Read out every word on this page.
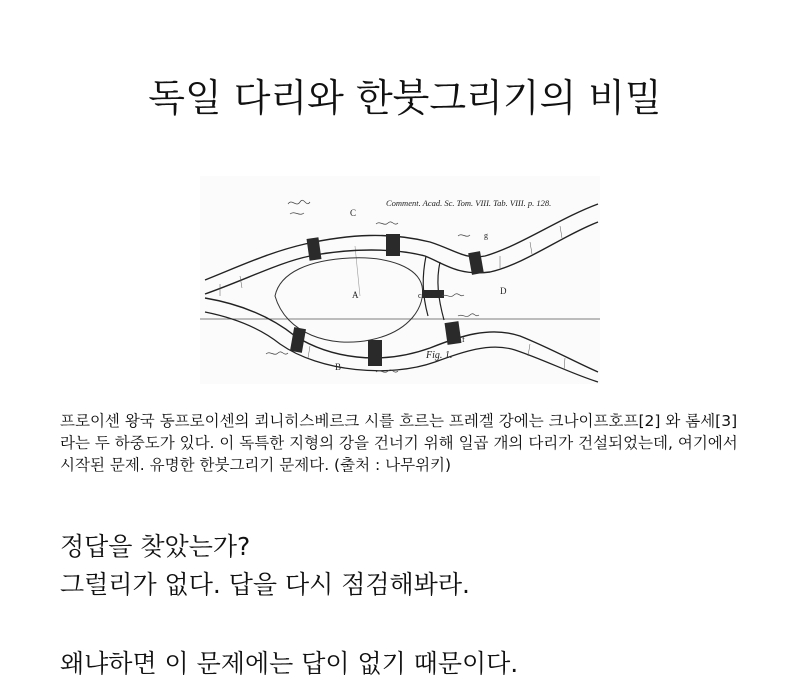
독일 다리와 한붓그리기의 비밀
A
B
C
D
c
f
g
Fig. 1.
Comment. Acad. Sc. Tom. VIII. Tab. VIII. p. 128.
프로이센 왕국 동프로이센의 쾨니히스베르크 시를 흐르는 프레겔 강에는 크나이프호프[2] 와 롬세[3]
라는 두 하중도가 있다. 이 독특한 지형의 강을 건너기 위해 일곱 개의 다리가 건설되었는데, 여기에서
시작된 문제. 유명한 한붓그리기 문제다. (출처 : 나무위키)

정답을 찾았는가?

그럴리가 없다. 답을 다시 점검해봐라.

왜냐하면 이 문제에는 답이 없기 때문이다.
